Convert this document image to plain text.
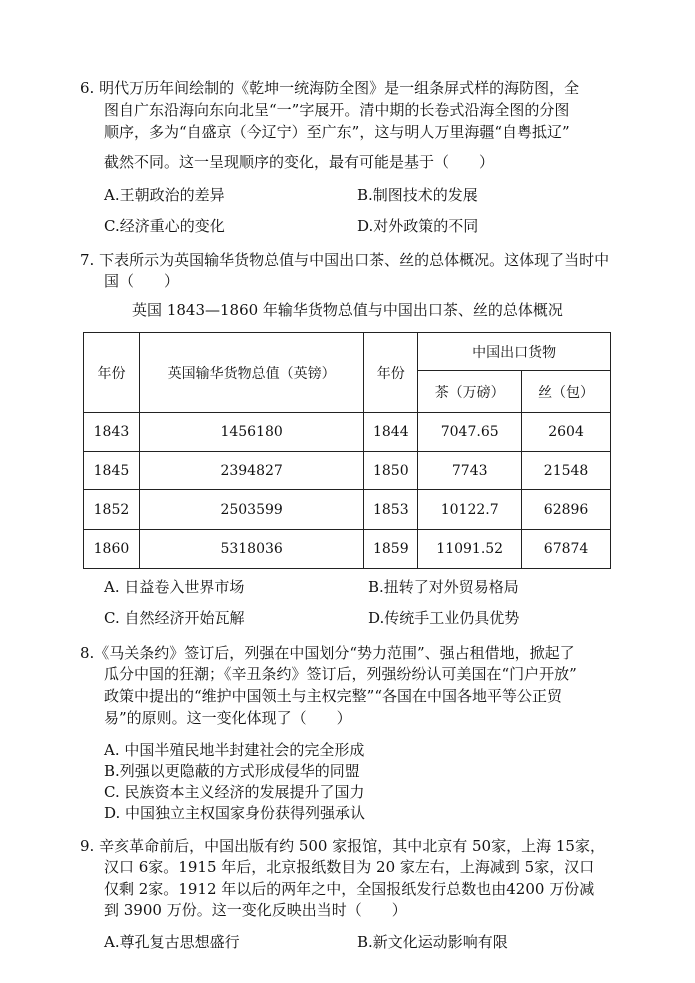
6. 明代万历年间绘制的《乾坤一统海防全图》是一组条屏式样的海防图，全
图自广东沿海向东向北呈“一”字展开。清中期的长卷式沿海全图的分图
顺序，多为“自盛京（今辽宁）至广东”，这与明人万里海疆“自粤抵辽”
截然不同。这一呈现顺序的变化，最有可能是基于（　　）
A.王朝政治的差异	B.制图技术的发展
C.经济重心的变化	D.对外政策的不同
7. 下表所示为英国输华货物总值与中国出口茶、丝的总体概况。这体现了当时中
国（　　）
英国 1843—1860 年输华货物总值与中国出口茶、丝的总体概况
年份	英国输华货物总值（英镑）	年份	中国出口货物	
			茶（万磅）	丝（包）
1843	1456180	1844	7047.65	2604
1845	2394827	1850	7743	21548
1852	2503599	1853	10122.7	62896
1860	5318036	1859	11091.52	67874
A. 日益卷入世界市场	B.扭转了对外贸易格局
C. 自然经济开始瓦解	D.传统手工业仍具优势
8.《马关条约》签订后，列强在中国划分“势力范围”、强占租借地，掀起了
瓜分中国的狂潮；《辛丑条约》签订后，列强纷纷认可美国在“门户开放”
政策中提出的“维护中国领土与主权完整”“各国在中国各地平等公正贸
易”的原则。这一变化体现了（　　）
A. 中国半殖民地半封建社会的完全形成
B.列强以更隐蔽的方式形成侵华的同盟
C. 民族资本主义经济的发展提升了国力
D. 中国独立主权国家身份获得列强承认
9. 辛亥革命前后，中国出版有约 500 家报馆，其中北京有 50家，上海 15家，
汉口 6家。1915 年后，北京报纸数目为 20 家左右，上海减到 5家，汉口
仅剩 2家。1912 年以后的两年之中，全国报纸发行总数也由4200 万份减
到 3900 万份。这一变化反映出当时（　　）
A.尊孔复古思想盛行	B.新文化运动影响有限
